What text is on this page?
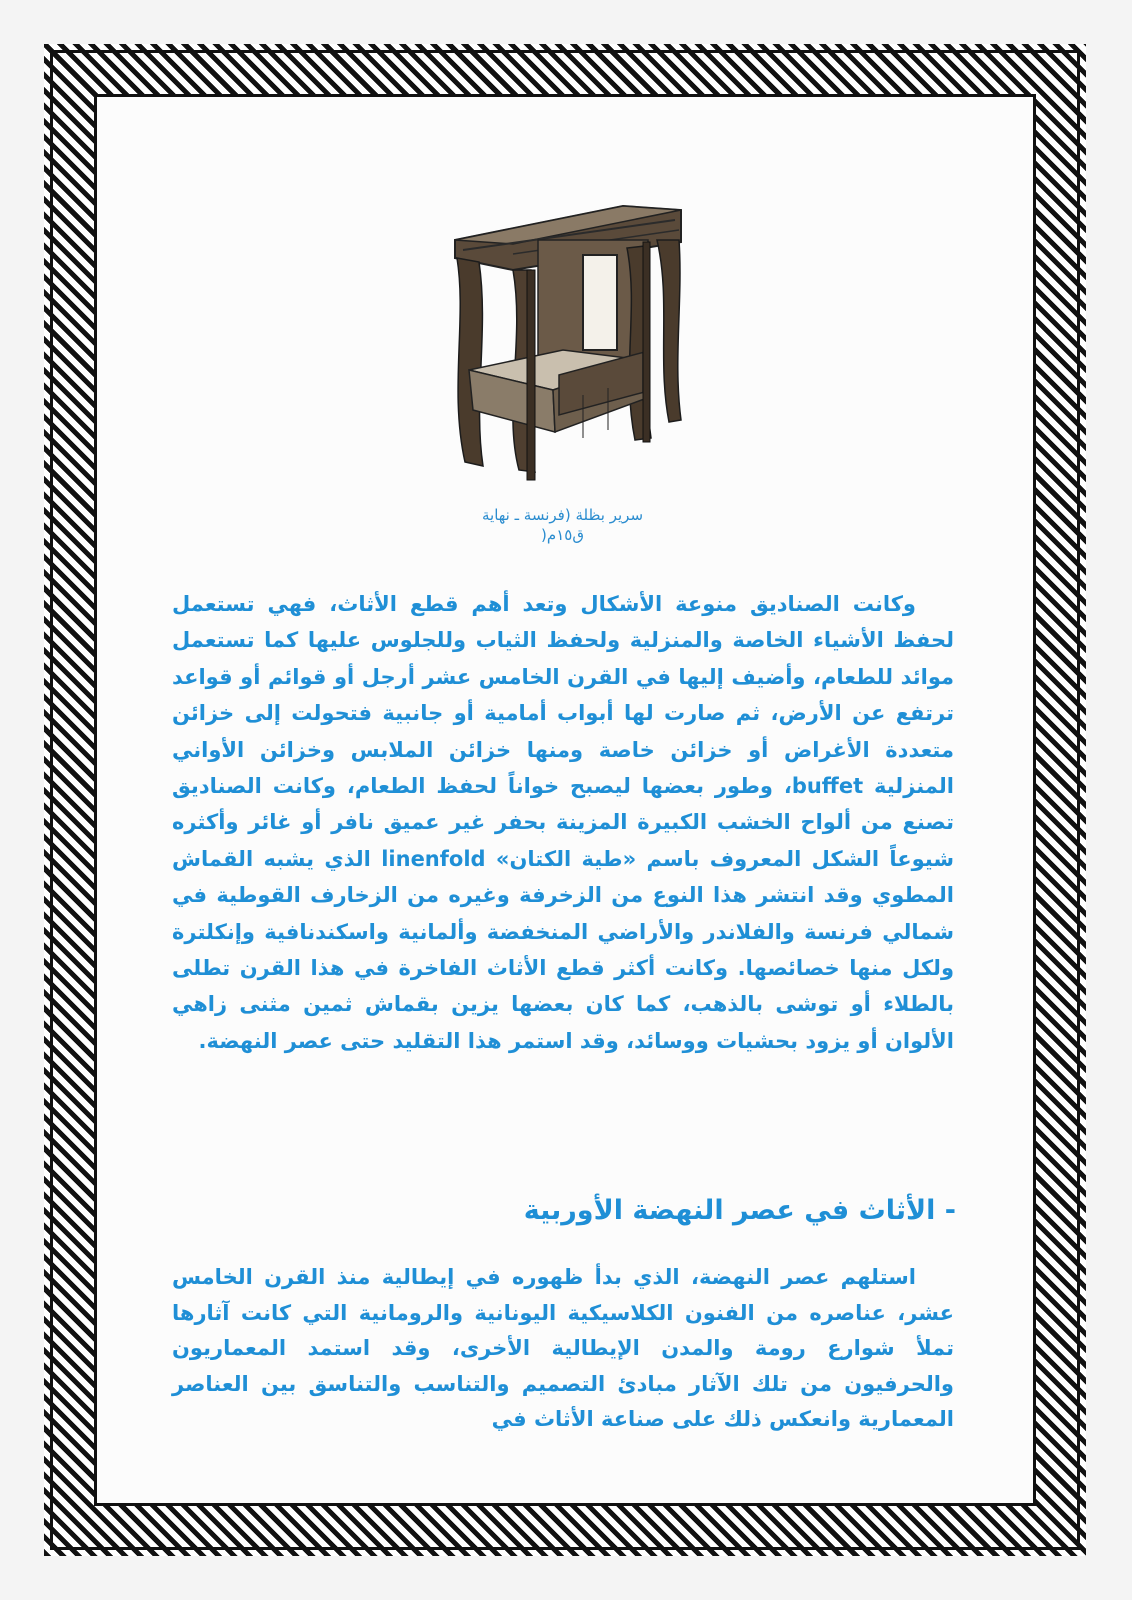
سرير بظلة (فرنسة ـ نهاية
ق١٥م(

وكانت الصناديق منوعة الأشكال وتعد أهم قطع الأثاث، فهي تستعمل لحفظ الأشياء الخاصة والمنزلية ولحفظ الثياب وللجلوس عليها كما تستعمل موائد للطعام، وأضيف إليها في القرن الخامس عشر أرجل أو قوائم أو قواعد ترتفع عن الأرض، ثم صارت لها أبواب أمامية أو جانبية فتحولت إلى خزائن متعددة الأغراض أو خزائن خاصة ومنها خزائن الملابس وخزائن الأواني المنزلية buffet، وطور بعضها ليصبح خواناً لحفظ الطعام، وكانت الصناديق تصنع من ألواح الخشب الكبيرة المزينة بحفر غير عميق نافر أو غائر وأكثره شيوعاً الشكل المعروف باسم «طية الكتان» linenfold الذي يشبه القماش المطوي وقد انتشر هذا النوع من الزخرفة وغيره من الزخارف القوطية في شمالي فرنسة والفلاندر والأراضي المنخفضة وألمانية واسكندنافية وإنكلترة ولكل منها خصائصها. وكانت أكثر قطع الأثاث الفاخرة في هذا القرن تطلى بالطلاء أو توشى بالذهب، كما كان بعضها يزين بقماش ثمين مثنى زاهي الألوان أو يزود بحشيات ووسائد، وقد استمر هذا التقليد حتى عصر النهضة.

- الأثاث في عصر النهضة الأوربية

استلهم عصر النهضة، الذي بدأ ظهوره في إيطالية منذ القرن الخامس عشر، عناصره من الفنون الكلاسيكية اليونانية والرومانية التي كانت آثارها تملأ شوارع رومة والمدن الإيطالية الأخرى، وقد استمد المعماريون والحرفيون من تلك الآثار مبادئ التصميم والتناسب والتناسق بين العناصر المعمارية وانعكس ذلك على صناعة الأثاث في
